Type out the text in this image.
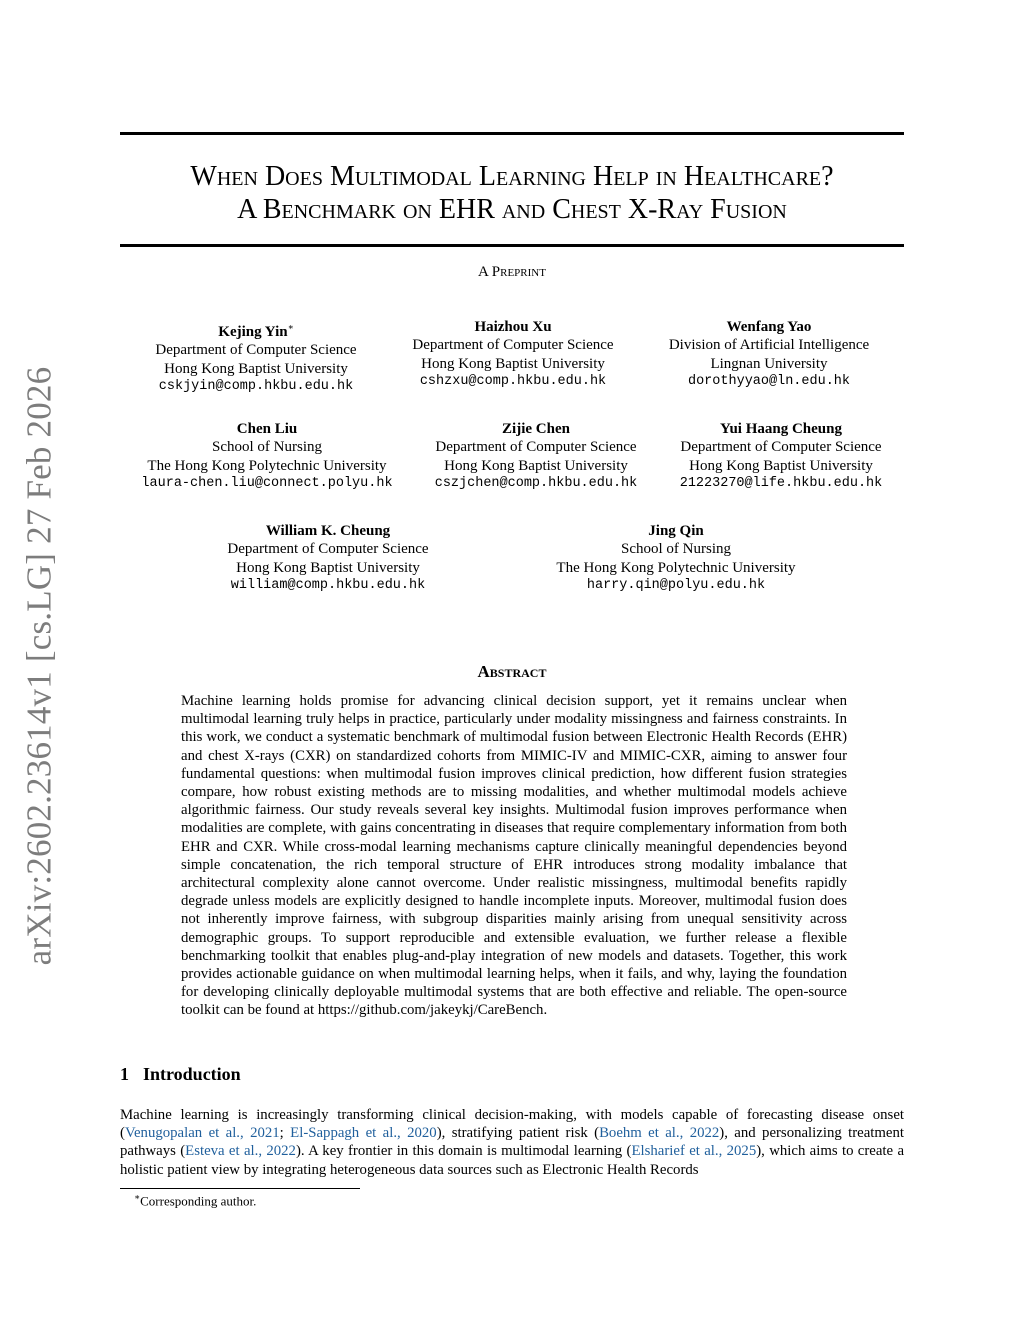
arXiv:2602.23614v1 [cs.LG] 27 Feb 2026
When Does Multimodal Learning Help in Healthcare?
A Benchmark on EHR and Chest X-Ray Fusion
A Preprint
Kejing Yin∗
Department of Computer Science
Hong Kong Baptist University
cskjyin@comp.hkbu.edu.hk
Haizhou Xu
Department of Computer Science
Hong Kong Baptist University
cshzxu@comp.hkbu.edu.hk
Wenfang Yao
Division of Artificial Intelligence
Lingnan University
dorothyyao@ln.edu.hk
Chen Liu
School of Nursing
The Hong Kong Polytechnic University
laura-chen.liu@connect.polyu.hk
Zijie Chen
Department of Computer Science
Hong Kong Baptist University
cszjchen@comp.hkbu.edu.hk
Yui Haang Cheung
Department of Computer Science
Hong Kong Baptist University
21223270@life.hkbu.edu.hk
William K. Cheung
Department of Computer Science
Hong Kong Baptist University
william@comp.hkbu.edu.hk
Jing Qin
School of Nursing
The Hong Kong Polytechnic University
harry.qin@polyu.edu.hk
Abstract

Machine learning holds promise for advancing clinical decision support, yet it remains unclear when multimodal learning truly helps in practice, particularly under modality missingness and fairness constraints. In this work, we conduct a systematic benchmark of multimodal fusion between Electronic Health Records (EHR) and chest X-rays (CXR) on standardized cohorts from MIMIC-IV and MIMIC-CXR, aiming to answer four fundamental questions: when multimodal fusion improves clinical prediction, how different fusion strategies compare, how robust existing methods are to missing modalities, and whether multimodal models achieve algorithmic fairness. Our study reveals several key insights. Multimodal fusion improves performance when modalities are complete, with gains concentrating in diseases that require complementary information from both EHR and CXR. While cross-modal learning mechanisms capture clinically meaningful dependencies beyond simple concatenation, the rich temporal structure of EHR introduces strong modality imbalance that architectural complexity alone cannot overcome. Under realistic missingness, multimodal benefits rapidly degrade unless models are explicitly designed to handle incomplete inputs. Moreover, multimodal fusion does not inherently improve fairness, with subgroup disparities mainly arising from unequal sensitivity across demographic groups. To support reproducible and extensible evaluation, we further release a flexible benchmarking toolkit that enables plug-and-play integration of new models and datasets. Together, this work provides actionable guidance on when multimodal learning helps, when it fails, and why, laying the foundation for developing clinically deployable multimodal systems that are both effective and reliable. The open-source toolkit can be found at https://github.com/jakeykj/CareBench.

1 Introduction

Machine learning is increasingly transforming clinical decision-making, with models capable of forecasting disease onset (Venugopalan et al., 2021; El-Sappagh et al., 2020), stratifying patient risk (Boehm et al., 2022), and personalizing treatment pathways (Esteva et al., 2022). A key frontier in this domain is multimodal learning (Elsharief et al., 2025), which aims to create a holistic patient view by integrating heterogeneous data sources such as Electronic Health Records

∗Corresponding author.
